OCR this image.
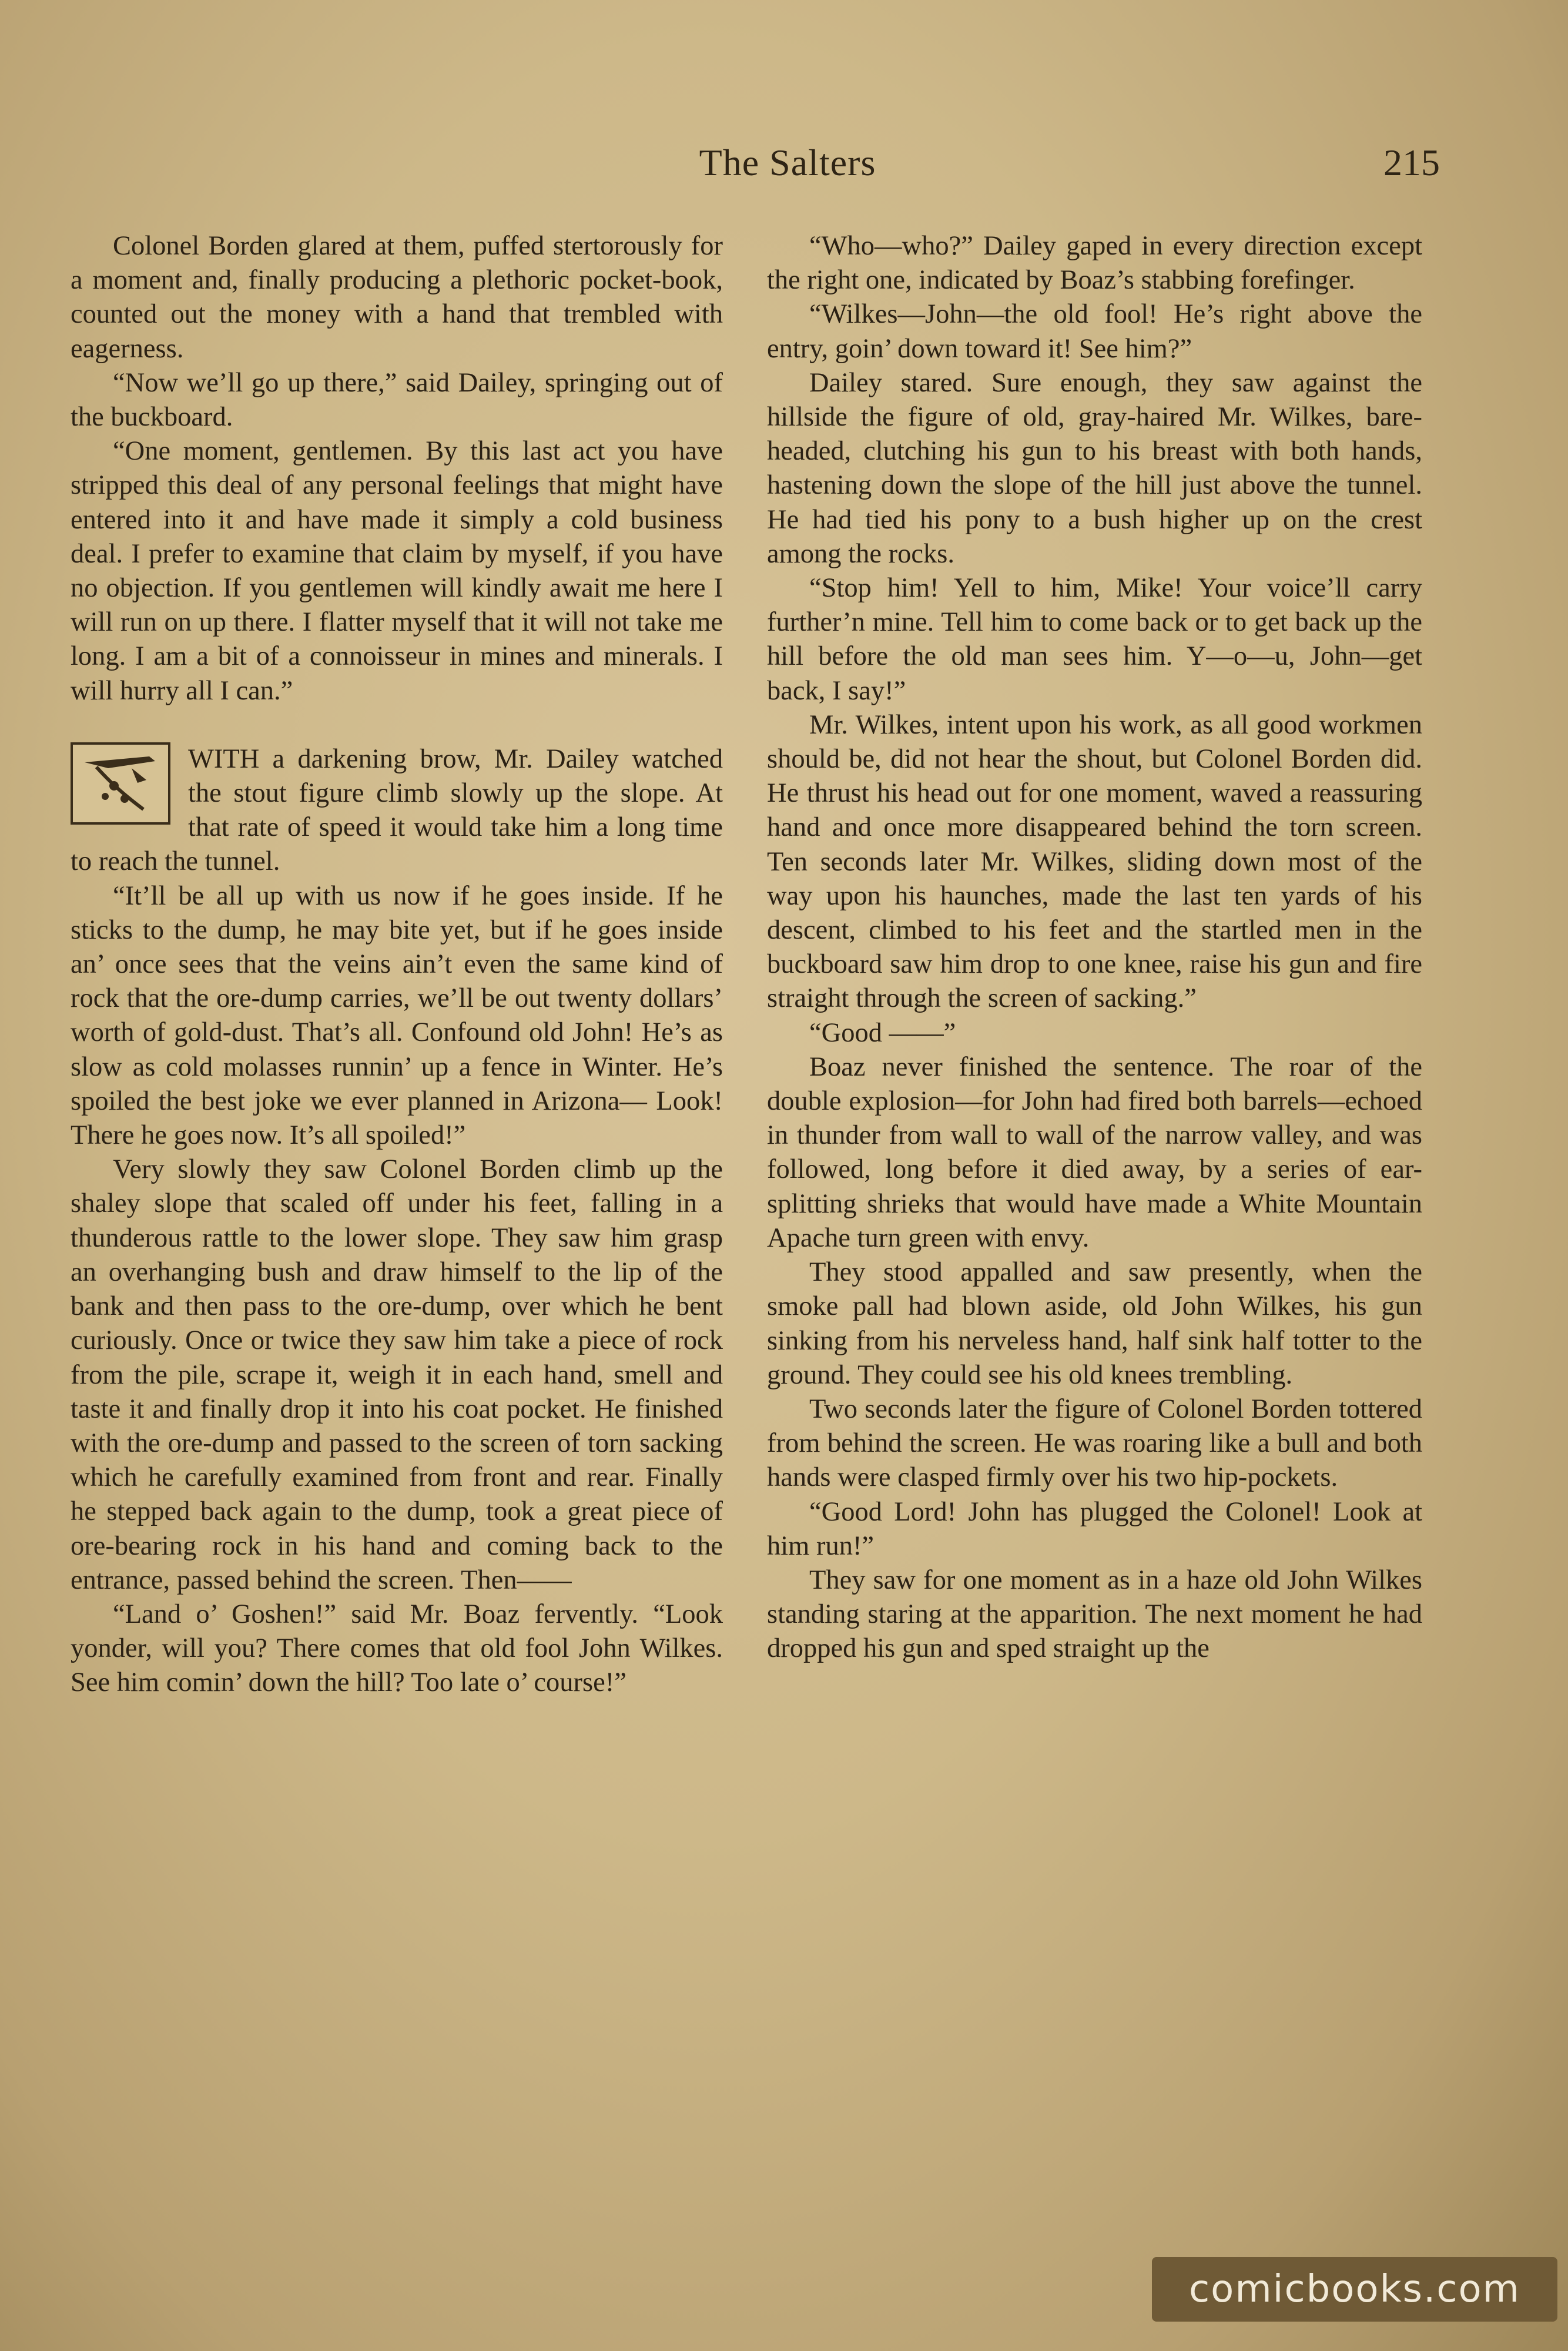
The Salters	215

Colonel Borden glared at them, puffed stertorously for a moment and, finally producing a plethoric pocket-book, counted out the money with a hand that trembled with eagerness.

“Now we’ll go up there,” said Dailey, springing out of the buckboard.

“One moment, gentlemen. By this last act you have stripped this deal of any personal feelings that might have entered into it and have made it simply a cold business deal. I prefer to examine that claim by myself, if you have no objection. If you gentlemen will kindly await me here I will run on up there. I flatter myself that it will not take me long. I am a bit of a connoisseur in mines and minerals. I will hurry all I can.”

WITH a darkening brow, Mr. Dailey watched the stout figure climb slowly up the slope. At that rate of speed it would take him a long time to reach the tunnel.

“It’ll be all up with us now if he goes inside. If he sticks to the dump, he may bite yet, but if he goes inside an’ once sees that the veins ain’t even the same kind of rock that the ore-dump carries, we’ll be out twenty dollars’ worth of gold-dust. That’s all. Confound old John! He’s as slow as cold molasses runnin’ up a fence in Winter. He’s spoiled the best joke we ever planned in Arizona— Look! There he goes now. It’s all spoiled!”

Very slowly they saw Colonel Borden climb up the shaley slope that scaled off under his feet, falling in a thunderous rattle to the lower slope. They saw him grasp an overhanging bush and draw himself to the lip of the bank and then pass to the ore-dump, over which he bent curiously. Once or twice they saw him take a piece of rock from the pile, scrape it, weigh it in each hand, smell and taste it and finally drop it into his coat pocket. He finished with the ore-dump and passed to the screen of torn sacking which he carefully examined from front and rear. Finally he stepped back again to the dump, took a great piece of ore-bearing rock in his hand and coming back to the entrance, passed behind the screen. Then——

“Land o’ Goshen!” said Mr. Boaz fervently. “Look yonder, will you? There comes that old fool John Wilkes. See him comin’ down the hill? Too late o’ course!”

“Who—who?” Dailey gaped in every direction except the right one, indicated by Boaz’s stabbing forefinger.

“Wilkes—John—the old fool! He’s right above the entry, goin’ down toward it! See him?”

Dailey stared. Sure enough, they saw against the hillside the figure of old, gray-haired Mr. Wilkes, bare-headed, clutching his gun to his breast with both hands, hastening down the slope of the hill just above the tunnel. He had tied his pony to a bush higher up on the crest among the rocks.

“Stop him! Yell to him, Mike! Your voice’ll carry further’n mine. Tell him to come back or to get back up the hill before the old man sees him. Y—o—u, John—get back, I say!”

Mr. Wilkes, intent upon his work, as all good workmen should be, did not hear the shout, but Colonel Borden did. He thrust his head out for one moment, waved a reassuring hand and once more disappeared behind the torn screen. Ten seconds later Mr. Wilkes, sliding down most of the way upon his haunches, made the last ten yards of his descent, climbed to his feet and the startled men in the buckboard saw him drop to one knee, raise his gun and fire straight through the screen of sacking.”

“Good ——”

Boaz never finished the sentence. The roar of the double explosion—for John had fired both barrels—echoed in thunder from wall to wall of the narrow valley, and was followed, long before it died away, by a series of ear-splitting shrieks that would have made a White Mountain Apache turn green with envy.

They stood appalled and saw presently, when the smoke pall had blown aside, old John Wilkes, his gun sinking from his nerveless hand, half sink half totter to the ground. They could see his old knees trembling.

Two seconds later the figure of Colonel Borden tottered from behind the screen. He was roaring like a bull and both hands were clasped firmly over his two hip-pockets.

“Good Lord! John has plugged the Colonel! Look at him run!”

They saw for one moment as in a haze old John Wilkes standing staring at the apparition. The next moment he had dropped his gun and sped straight up the

comicbooks.com
